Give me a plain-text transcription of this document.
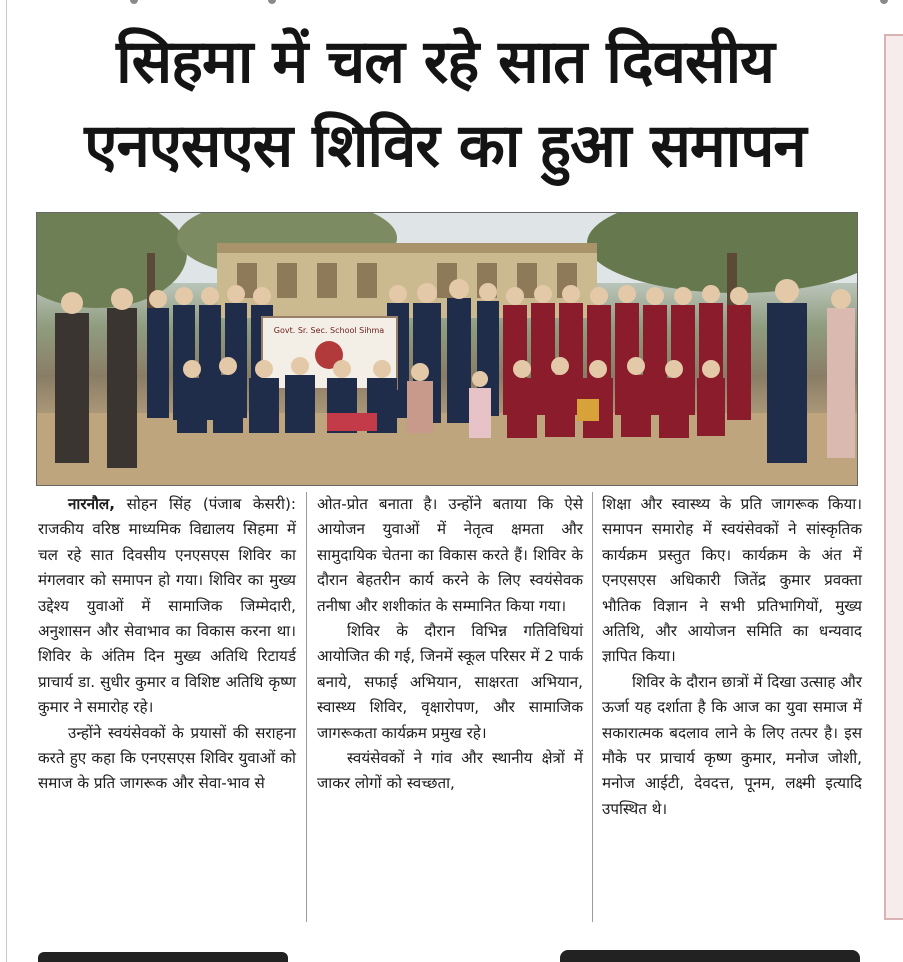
सिहमा में चल रहे सात दिवसीय
एनएसएस शिविर का हुआ समापन
Govt. Sr. Sec. School Sihma

नारनौल, सोहन सिंह (पंजाब केसरी): राजकीय वरिष्ठ माध्यमिक विद्यालय सिहमा में चल रहे सात दिवसीय एनएसएस शिविर का मंगलवार को समापन हो गया। शिविर का मुख्य उद्देश्य युवाओं में सामाजिक जिम्मेदारी, अनुशासन और सेवाभाव का विकास करना था। शिविर के अंतिम दिन मुख्य अतिथि रिटायर्ड प्राचार्य डा. सुधीर कुमार व विशिष्ट अतिथि कृष्ण कुमार ने समारोह रहे।

उन्होंने स्वयंसेवकों के प्रयासों की सराहना करते हुए कहा कि एनएसएस शिविर युवाओं को समाज के प्रति जागरूक और सेवा-भाव से

ओत-प्रोत बनाता है। उन्होंने बताया कि ऐसे आयोजन युवाओं में नेतृत्व क्षमता और सामुदायिक चेतना का विकास करते हैं। शिविर के दौरान बेहतरीन कार्य करने के लिए स्वयंसेवक तनीषा और शशीकांत के सम्मानित किया गया।

शिविर के दौरान विभिन्न गतिविधियां आयोजित की गई, जिनमें स्कूल परिसर में 2 पार्क बनाये, सफाई अभियान, साक्षरता अभियान, स्वास्थ्य शिविर, वृक्षारोपण, और सामाजिक जागरूकता कार्यक्रम प्रमुख रहे।

स्वयंसेवकों ने गांव और स्थानीय क्षेत्रों में जाकर लोगों को स्वच्छता,

शिक्षा और स्वास्थ्य के प्रति जागरूक किया। समापन समारोह में स्वयंसेवकों ने सांस्कृतिक कार्यक्रम प्रस्तुत किए। कार्यक्रम के अंत में एनएसएस अधिकारी जितेंद्र कुमार प्रवक्ता भौतिक विज्ञान ने सभी प्रतिभागियों, मुख्य अतिथि, और आयोजन समिति का धन्यवाद ज्ञापित किया।

शिविर के दौरान छात्रों में दिखा उत्साह और ऊर्जा यह दर्शाता है कि आज का युवा समाज में सकारात्मक बदलाव लाने के लिए तत्पर है। इस मौके पर प्राचार्य कृष्ण कुमार, मनोज जोशी, मनोज आईटी, देवदत्त, पूनम, लक्ष्मी इत्यादि उपस्थित थे।
